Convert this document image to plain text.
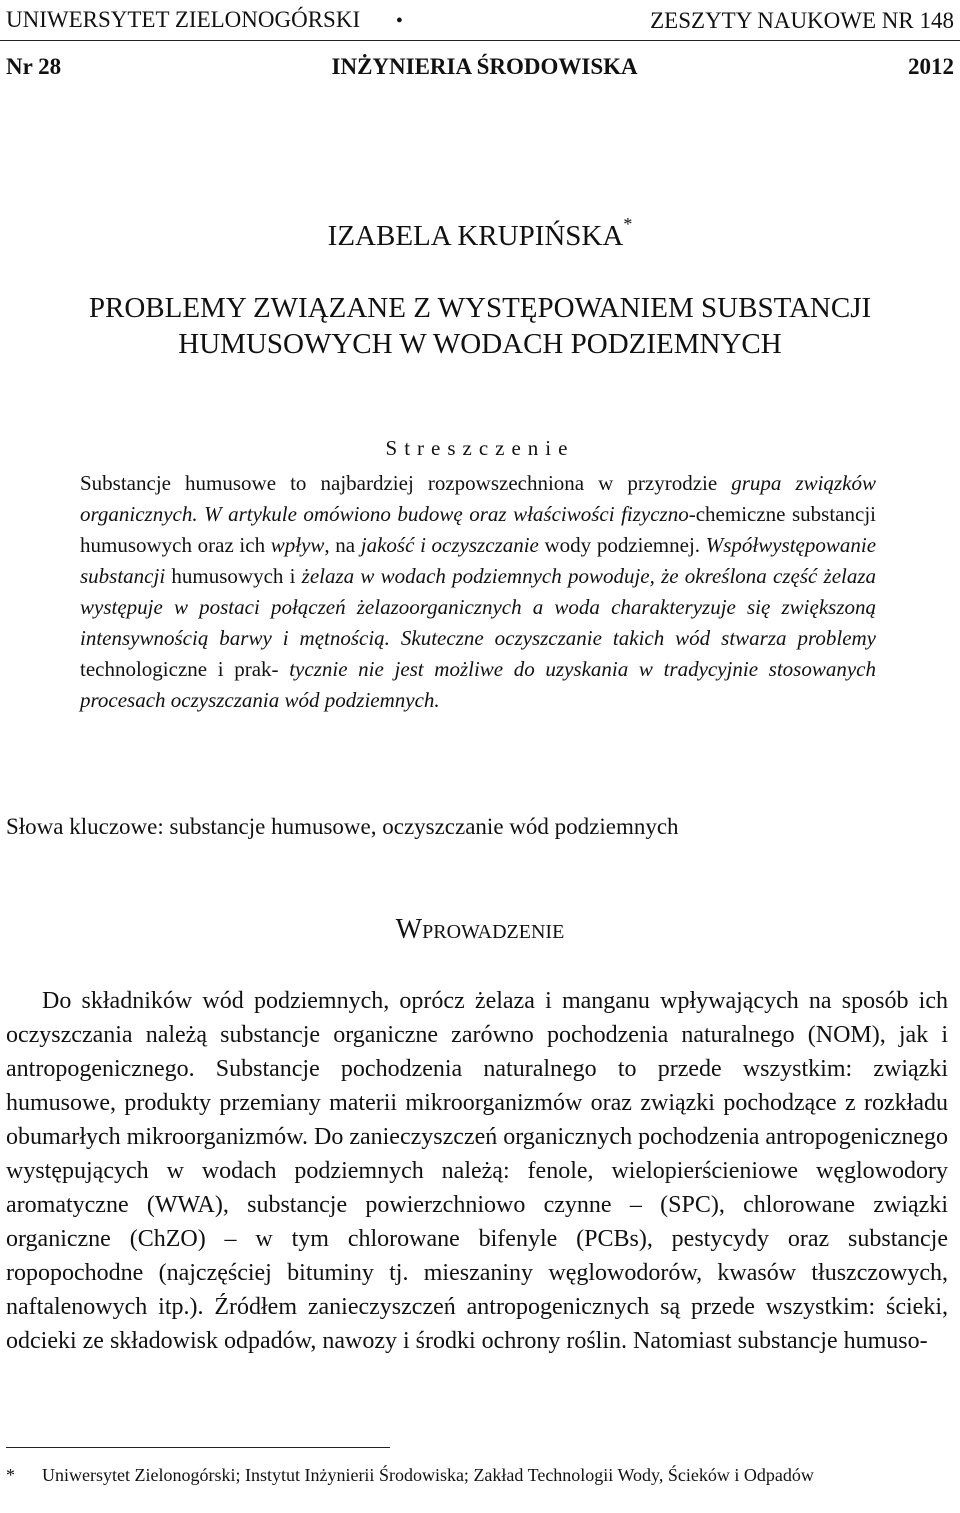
UNIWERSYTET ZIELONOGÓRSKI •	ZESZYTY NAUKOWE NR 148
Nr 28	INŻYNIERIA ŚRODOWISKA	2012
IZABELA KRUPIŃSKA*
PROBLEMY ZWIĄZANE Z WYSTĘPOWANIEM SUBSTANCJI
HUMUSOWYCH W WODACH PODZIEMNYCH
Streszczenie

Substancje humusowe to najbardziej rozpowszechniona w przyrodzie grupa związków organicznych. W artykule omówiono budowę oraz właściwości fizyczno-chemiczne substancji humusowych oraz ich wpływ, na jakość i oczyszczanie wody podziemnej. Współwystępowanie substancji humusowych i żelaza w wodach podziemnych powoduje, że określona część żelaza występuje w postaci połączeń żelazoorganicznych a woda charakteryzuje się zwiększoną intensywnością barwy i mętnością. Skuteczne oczyszczanie takich wód stwarza problemy technologiczne i prak- tycznie nie jest możliwe do uzyskania w tradycyjnie stosowanych procesach oczyszczania wód podziemnych.

Słowa kluczowe: substancje humusowe, oczyszczanie wód podziemnych

Wprowadzenie

Do składników wód podziemnych, oprócz żelaza i manganu wpływających na sposób ich oczyszczania należą substancje organiczne zarówno pochodzenia naturalnego (NOM), jak i antropogenicznego. Substancje pochodzenia naturalnego to przede wszystkim: związki humusowe, produkty przemiany materii mikroorganizmów oraz związki pochodzące z rozkładu obumarłych mikroorganizmów. Do zanieczyszczeń organicznych pochodzenia antropogenicznego występujących w wodach podziemnych należą: fenole, wielopierścieniowe węglowodory aromatyczne (WWA), substancje powierzchniowo czynne – (SPC), chlorowane związki organiczne (ChZO) – w tym chlorowane bifenyle (PCBs), pestycydy oraz substancje ropopochodne (najczęściej bituminy tj. mieszaniny węglowodorów, kwasów tłuszczowych, naftalenowych itp.). Źródłem zanieczyszczeń antropogenicznych są przede wszystkim: ścieki, odcieki ze składowisk odpadów, nawozy i środki ochrony roślin. Natomiast substancje humuso-

* Uniwersytet Zielonogórski; Instytut Inżynierii Środowiska; Zakład Technologii Wody, Ścieków i Odpadów
